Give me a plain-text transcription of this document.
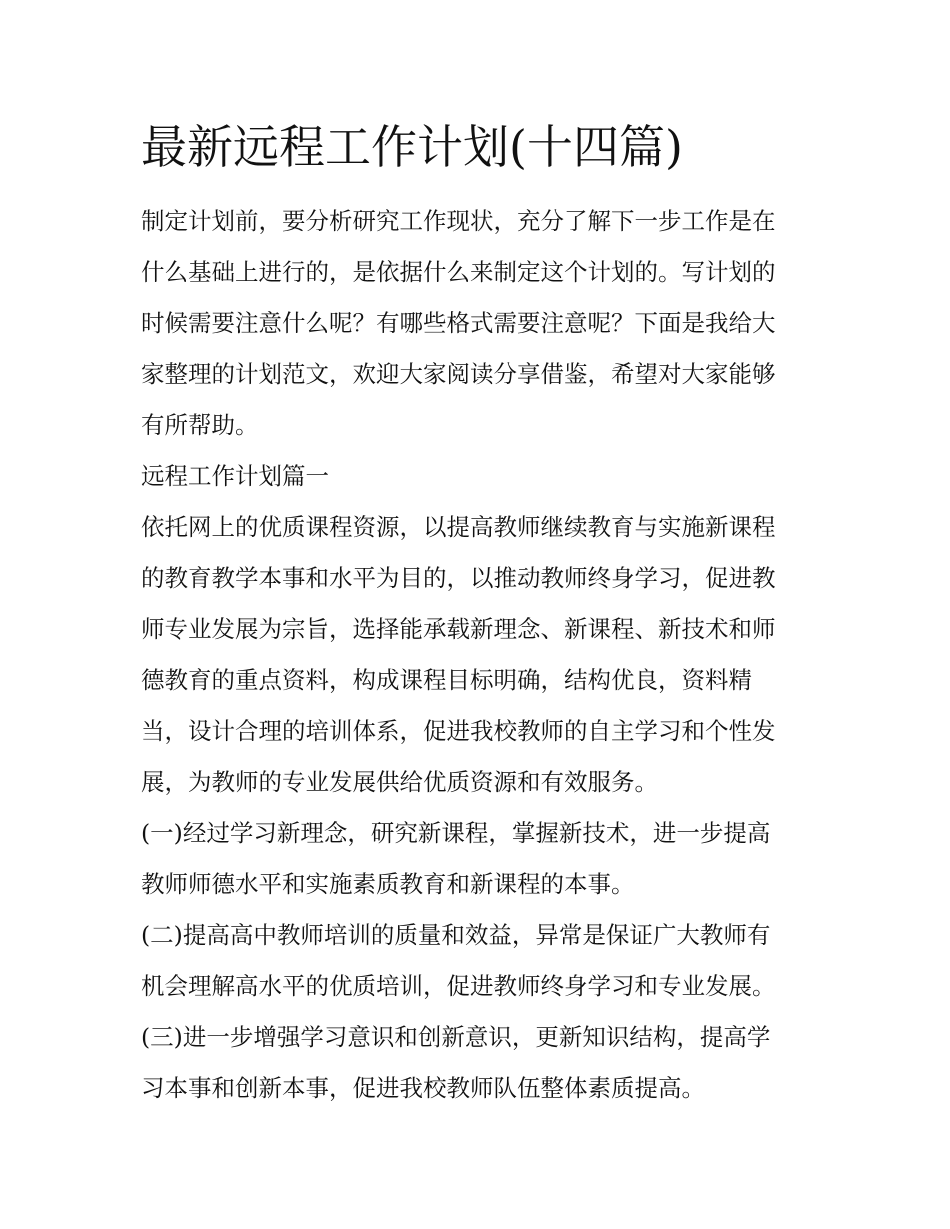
最新远程工作计划(十四篇)

制定计划前，要分析研究工作现状，充分了解下一步工作是在
什么基础上进行的，是依据什么来制定这个计划的。写计划的
时候需要注意什么呢？有哪些格式需要注意呢？下面是我给大
家整理的计划范文，欢迎大家阅读分享借鉴，希望对大家能够
有所帮助。

远程工作计划篇一

依托网上的优质课程资源，以提高教师继续教育与实施新课程
的教育教学本事和水平为目的，以推动教师终身学习，促进教
师专业发展为宗旨，选择能承载新理念、新课程、新技术和师
德教育的重点资料，构成课程目标明确，结构优良，资料精
当，设计合理的培训体系，促进我校教师的自主学习和个性发
展，为教师的专业发展供给优质资源和有效服务。

(一)经过学习新理念，研究新课程，掌握新技术，进一步提高
教师师德水平和实施素质教育和新课程的本事。

(二)提高高中教师培训的质量和效益，异常是保证广大教师有
机会理解高水平的优质培训，促进教师终身学习和专业发展。

(三)进一步增强学习意识和创新意识，更新知识结构，提高学
习本事和创新本事，促进我校教师队伍整体素质提高。
